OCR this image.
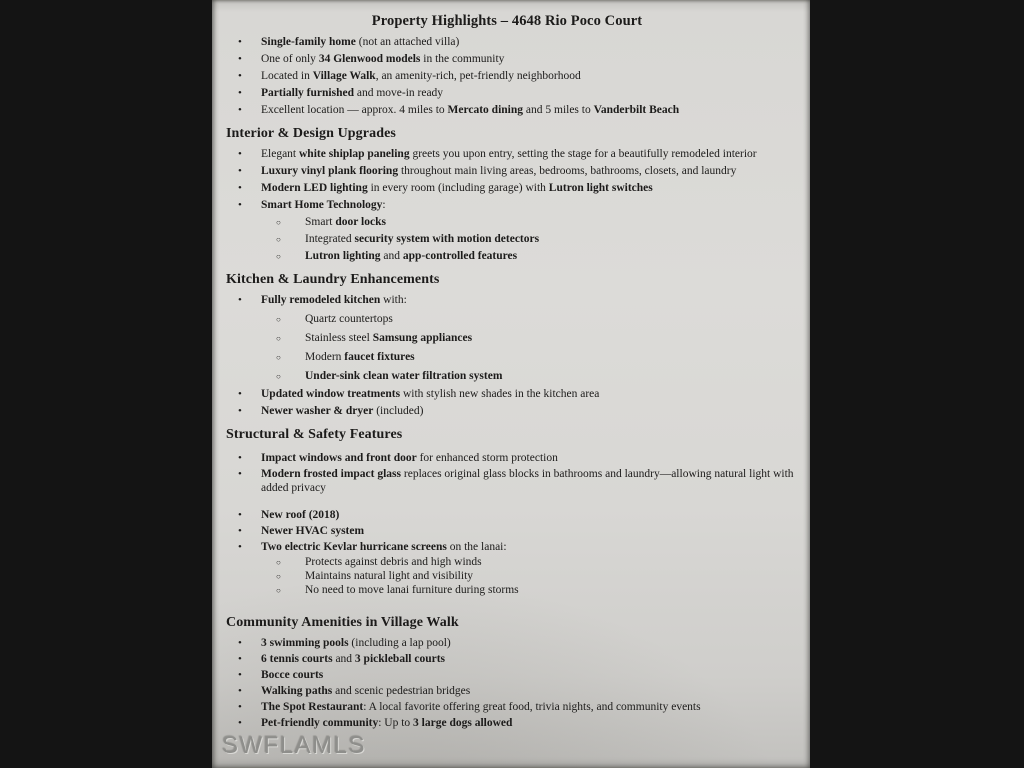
Property Highlights – 4648 Rio Poco Court
• Single-family home (not an attached villa)
• One of only 34 Glenwood models in the community
• Located in Village Walk, an amenity-rich, pet-friendly neighborhood
• Partially furnished and move-in ready
• Excellent location — approx. 4 miles to Mercato dining and 5 miles to Vanderbilt Beach
Interior & Design Upgrades
• Elegant white shiplap paneling greets you upon entry, setting the stage for a beautifully remodeled interior
• Luxury vinyl plank flooring throughout main living areas, bedrooms, bathrooms, closets, and laundry
• Modern LED lighting in every room (including garage) with Lutron light switches
• Smart Home Technology:
○ Smart door locks
○ Integrated security system with motion detectors
○ Lutron lighting and app-controlled features
Kitchen & Laundry Enhancements
• Fully remodeled kitchen with:
○ Quartz countertops
○ Stainless steel Samsung appliances
○ Modern faucet fixtures
○ Under-sink clean water filtration system
• Updated window treatments with stylish new shades in the kitchen area
• Newer washer & dryer (included)
Structural & Safety Features
• Impact windows and front door for enhanced storm protection
• Modern frosted impact glass replaces original glass blocks in bathrooms and laundry—allowing natural light with added privacy
• New roof (2018)
• Newer HVAC system
• Two electric Kevlar hurricane screens on the lanai:
○ Protects against debris and high winds
○ Maintains natural light and visibility
○ No need to move lanai furniture during storms
Community Amenities in Village Walk
• 3 swimming pools (including a lap pool)
• 6 tennis courts and 3 pickleball courts
• Bocce courts
• Walking paths and scenic pedestrian bridges
• The Spot Restaurant: A local favorite offering great food, trivia nights, and community events
• Pet-friendly community: Up to 3 large dogs allowed
SWFLAMLS
